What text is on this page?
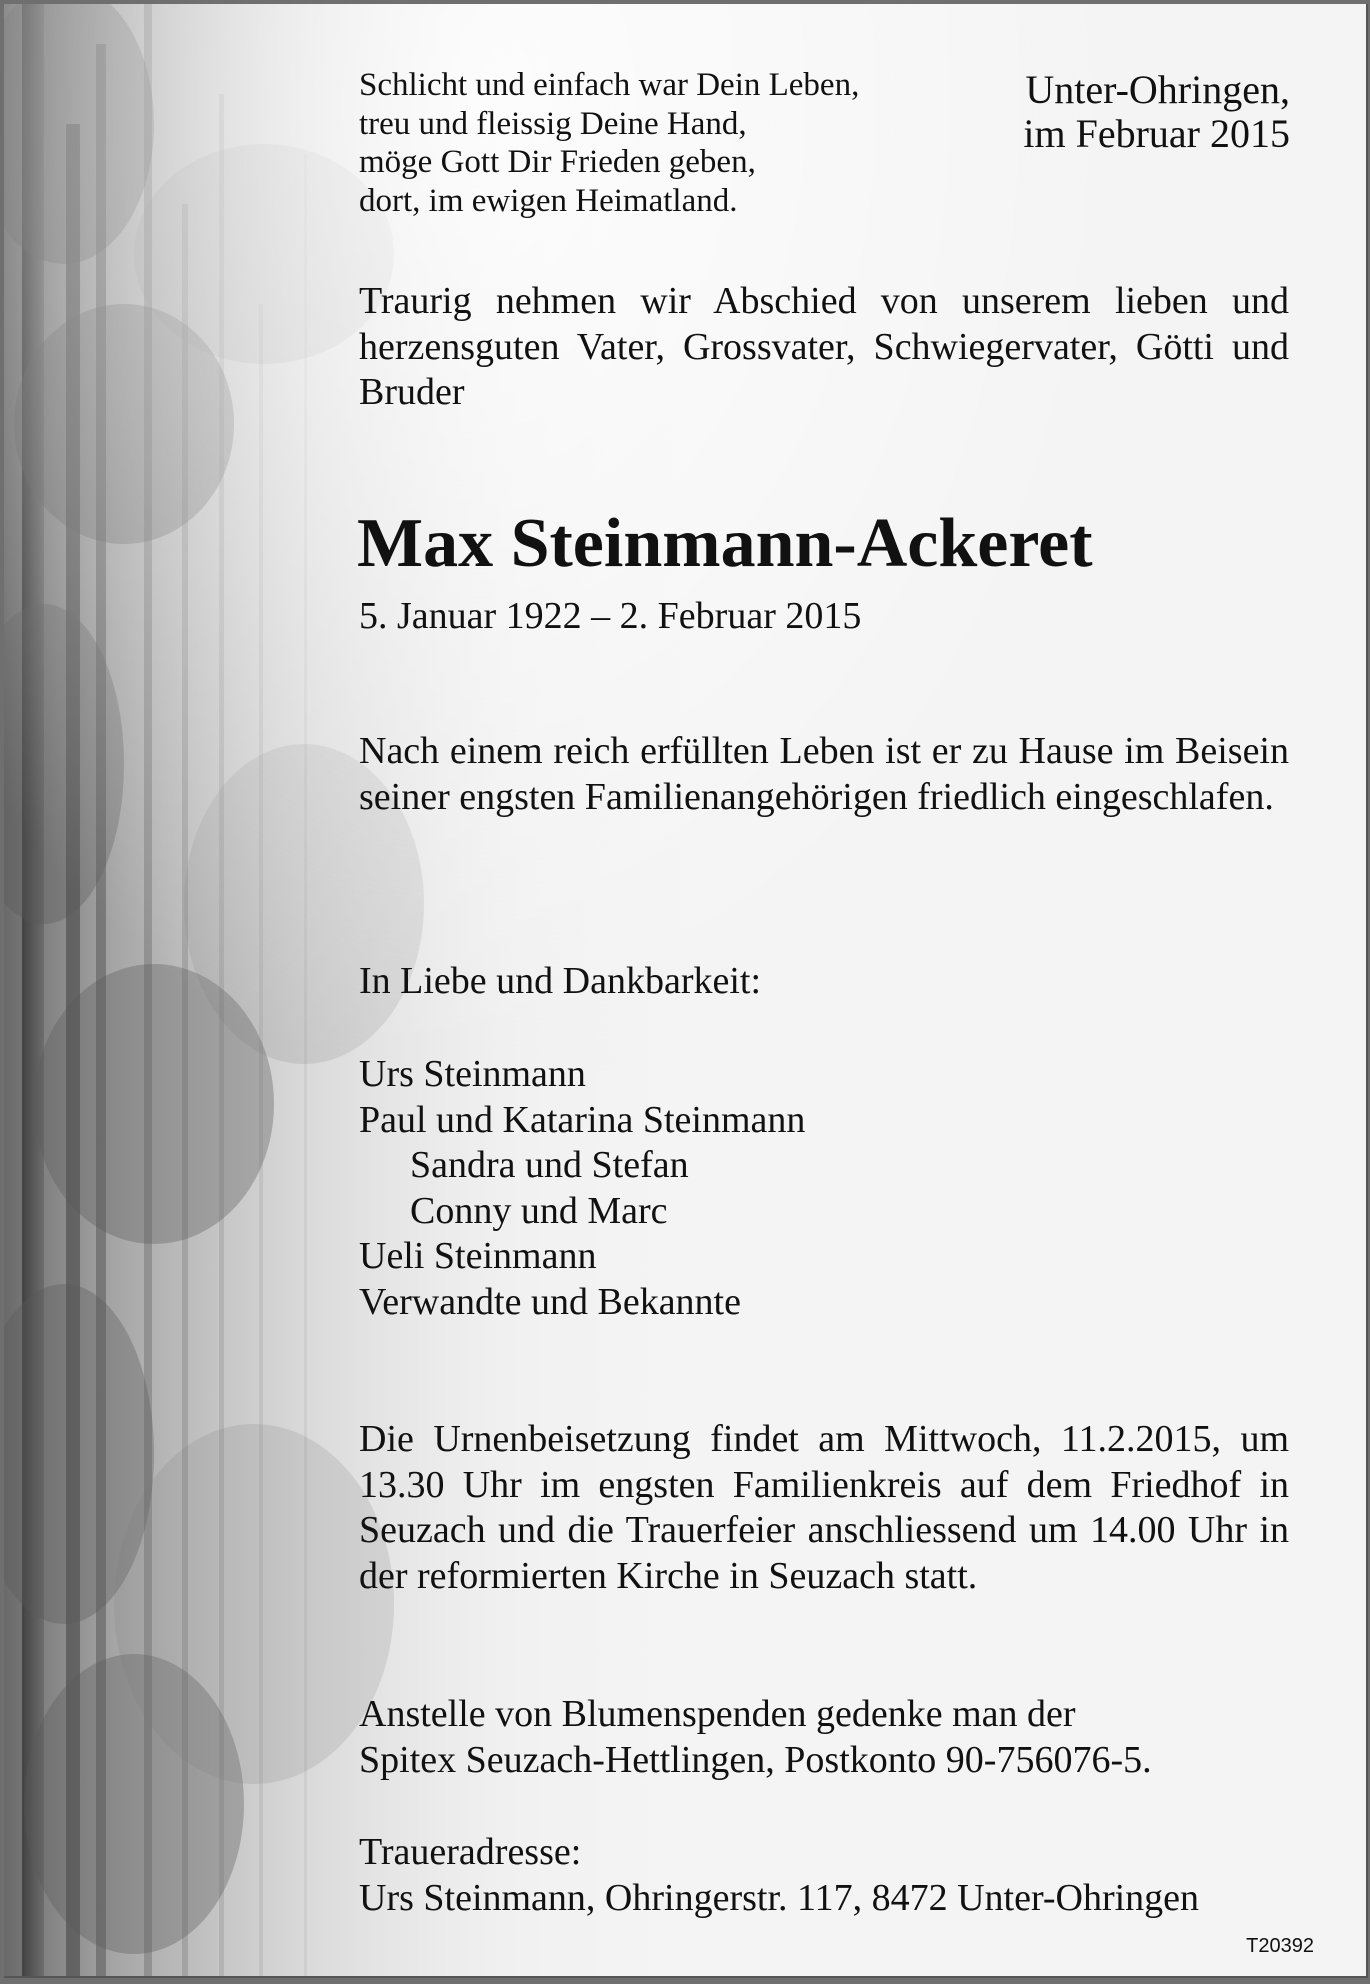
Schlicht und einfach war Dein Leben,
treu und fleissig Deine Hand,
möge Gott Dir Frieden geben,
dort, im ewigen Heimatland.
Unter-Ohringen,
im Februar 2015
Traurig nehmen wir Abschied von unserem lieben und herzensguten Vater, Grossvater, Schwiegervater, Götti und Bruder
Max Steinmann-Ackeret
5. Januar 1922 – 2. Februar 2015
Nach einem reich erfüllten Leben ist er zu Hause im Beisein seiner engsten Familienangehörigen friedlich eingeschlafen.
In Liebe und Dankbarkeit:
Urs Steinmann
Paul und Katarina Steinmann
Sandra und Stefan
Conny und Marc
Ueli Steinmann
Verwandte und Bekannte
Die Urnenbeisetzung findet am Mittwoch, 11.2.2015, um 13.30 Uhr im engsten Familienkreis auf dem Friedhof in Seuzach und die Trauerfeier anschliessend um 14.00 Uhr in der reformierten Kirche in Seuzach statt.
Anstelle von Blumenspenden gedenke man der
Spitex Seuzach-Hettlingen, Postkonto 90-756076-5.
Traueradresse:
Urs Steinmann, Ohringerstr. 117, 8472 Unter-Ohringen
T20392
